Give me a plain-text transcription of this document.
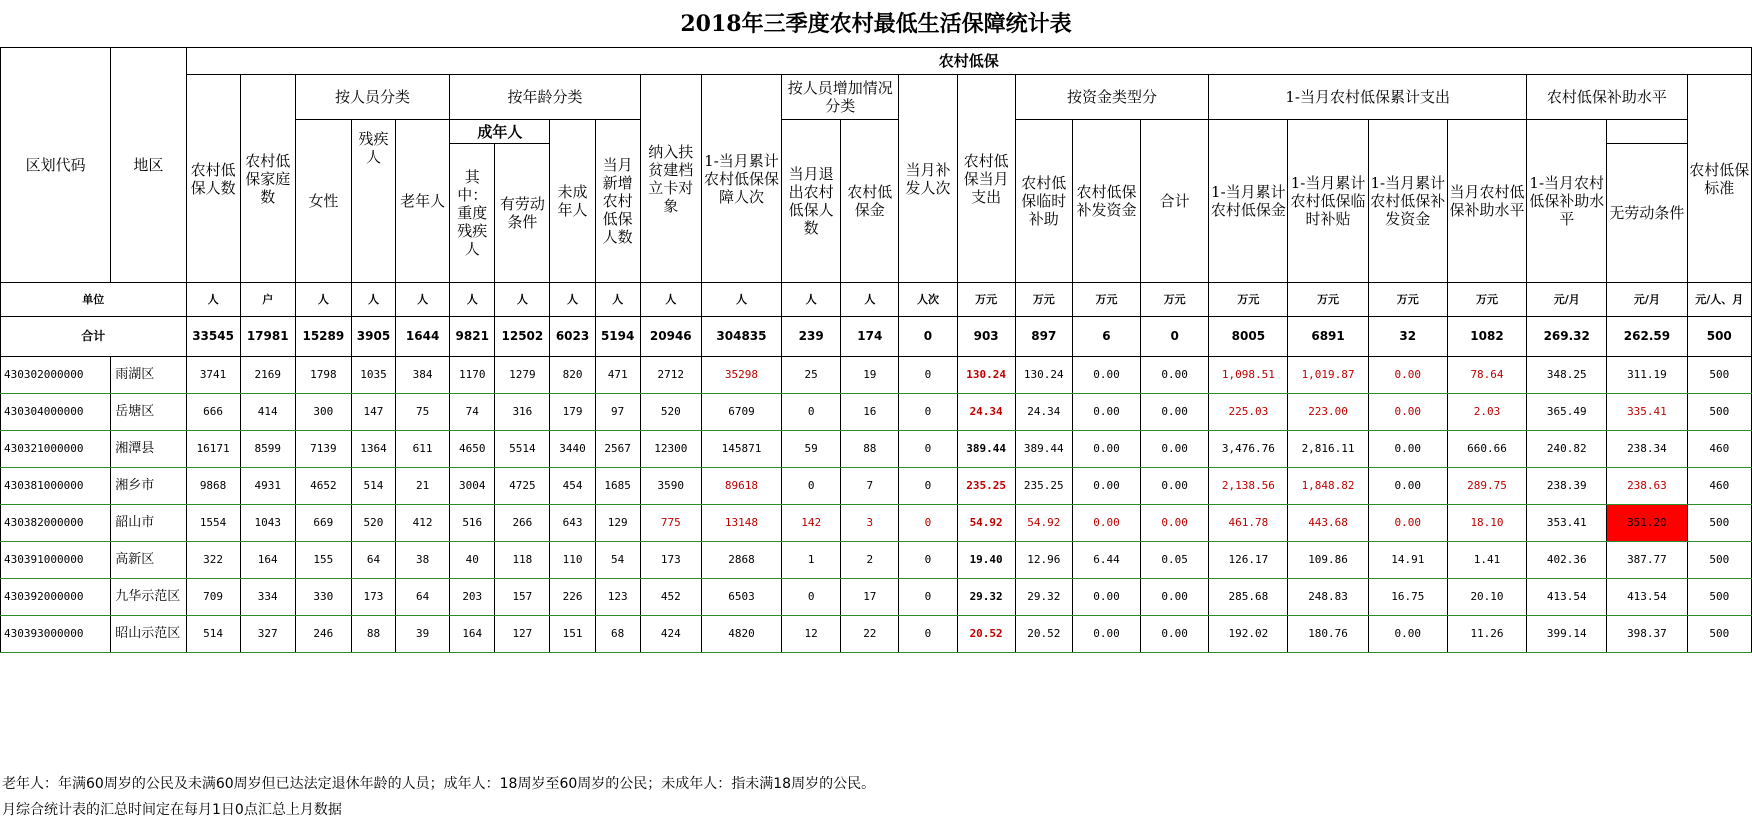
2018年三季度农村最低生活保障统计表
区划代码	地区	农村低保																								
		农村低保人数	农村低保家庭数	按人员分类			按年龄分类				纳入扶贫建档立卡对象	1-当月累计农村低保保障人次	按人员增加情况分类		当月补发人次	农村低保当月支出	按资金类型分			1-当月农村低保累计支出				农村低保补助水平		农村低保标准
				女性	残疾人	老年人	成年人		未成年人	当月新增农村低保人数			当月退出农村低保人数	农村低保金			农村低保临时补助	农村低保补发资金	合计	1-当月累计农村低保金	1-当月累计农村低保临时补贴	1-当月累计农村低保补发资金	当月农村低保补助水平	1-当月农村低保补助水平		
							其中：重度残疾人	有劳动条件																	无劳动条件	

单位		人	户	人	人	人	人	人	人	人	人	人	人	人	人次	万元	万元	万元	万元	万元	万元	万元	万元	元/月	元/月	元/人、月
合计		33545	17981	15289	3905	1644	9821	12502	6023	5194	20946	304835	239	174	0	903	897	6	0	8005	6891	32	1082	269.32	262.59	500
430302000000	雨湖区	3741	2169	1798	1035	384	1170	1279	820	471	2712	35298	25	19	0	130.24	130.24	0.00	0.00	1,098.51	1,019.87	0.00	78.64	348.25	311.19	500
430304000000	岳塘区	666	414	300	147	75	74	316	179	97	520	6709	0	16	0	24.34	24.34	0.00	0.00	225.03	223.00	0.00	2.03	365.49	335.41	500
430321000000	湘潭县	16171	8599	7139	1364	611	4650	5514	3440	2567	12300	145871	59	88	0	389.44	389.44	0.00	0.00	3,476.76	2,816.11	0.00	660.66	240.82	238.34	460
430381000000	湘乡市	9868	4931	4652	514	21	3004	4725	454	1685	3590	89618	0	7	0	235.25	235.25	0.00	0.00	2,138.56	1,848.82	0.00	289.75	238.39	238.63	460
430382000000	韶山市	1554	1043	669	520	412	516	266	643	129	775	13148	142	3	0	54.92	54.92	0.00	0.00	461.78	443.68	0.00	18.10	353.41	351.20	500
430391000000	高新区	322	164	155	64	38	40	118	110	54	173	2868	1	2	0	19.40	12.96	6.44	0.05	126.17	109.86	14.91	1.41	402.36	387.77	500
430392000000	九华示范区	709	334	330	173	64	203	157	226	123	452	6503	0	17	0	29.32	29.32	0.00	0.00	285.68	248.83	16.75	20.10	413.54	413.54	500
430393000000	昭山示范区	514	327	246	88	39	164	127	151	68	424	4820	12	22	0	20.52	20.52	0.00	0.00	192.02	180.76	0.00	11.26	399.14	398.37	500
老年人：年满60周岁的公民及未满60周岁但已达法定退休年龄的人员；成年人：18周岁至60周岁的公民；未成年人：指未满18周岁的公民。
月综合统计表的汇总时间定在每月1日0点汇总上月数据
